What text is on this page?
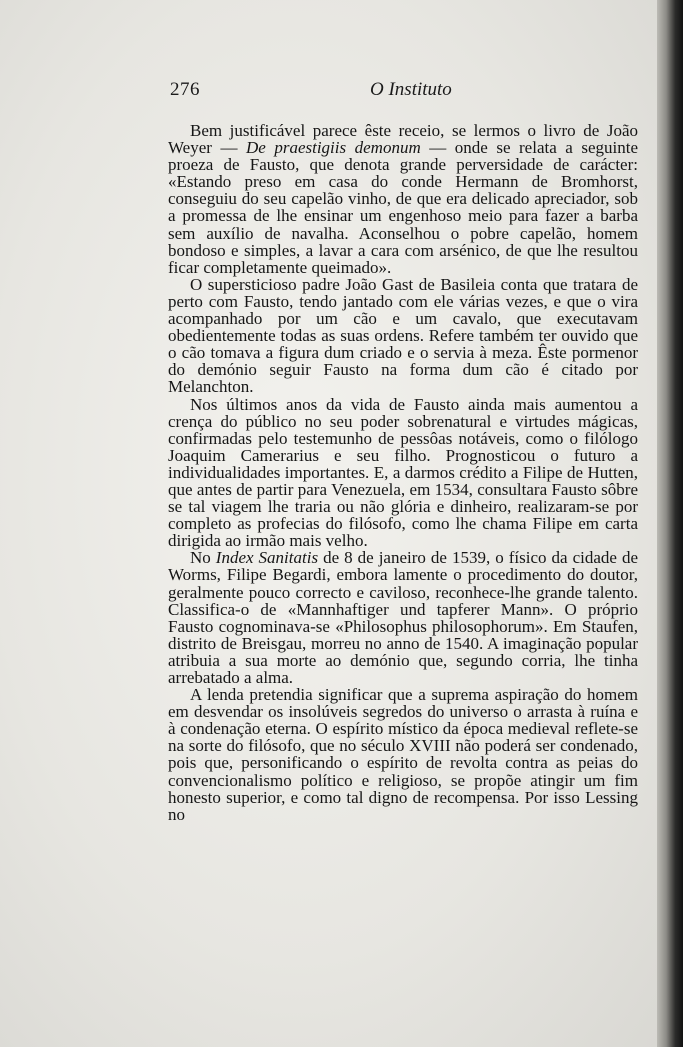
276	O Instituto

Bem justificável parece êste receio, se lermos o livro de João Weyer — De praestigiis demonum — onde se relata a seguinte proeza de Fausto, que denota grande perversidade de carácter: «Estando preso em casa do conde Hermann de Bromhorst, conseguiu do seu capelão vinho, de que era delicado apreciador, sob a promessa de lhe ensinar um engenhoso meio para fazer a barba sem auxílio de navalha. Aconselhou o pobre capelão, homem bondoso e simples, a lavar a cara com arsénico, de que lhe resultou ficar completamente queimado».

O supersticioso padre João Gast de Basileia conta que tratara de perto com Fausto, tendo jantado com ele várias vezes, e que o vira acompanhado por um cão e um cavalo, que executavam obedientemente todas as suas ordens. Refere também ter ouvido que o cão tomava a figura dum criado e o servia à meza. Êste pormenor do demónio seguir Fausto na forma dum cão é citado por Melanchton.

Nos últimos anos da vida de Fausto ainda mais aumentou a crença do público no seu poder sobrenatural e virtudes mágicas, confirmadas pelo testemunho de pessôas notáveis, como o filólogo Joaquim Camerarius e seu filho. Prognosticou o futuro a individualidades importantes. E, a darmos crédito a Filipe de Hutten, que antes de partir para Venezuela, em 1534, consultara Fausto sôbre se tal viagem lhe traria ou não glória e dinheiro, realizaram-se por completo as profecias do filósofo, como lhe chama Filipe em carta dirigida ao irmão mais velho.

No Index Sanitatis de 8 de janeiro de 1539, o físico da cidade de Worms, Filipe Begardi, embora lamente o procedimento do doutor, geralmente pouco correcto e caviloso, reconhece-lhe grande talento. Classifica-o de «Mannhaftiger und tapferer Mann». O próprio Fausto cognominava-se «Philosophus philosophorum». Em Staufen, distrito de Breisgau, morreu no anno de 1540. A imaginação popular atribuia a sua morte ao demónio que, segundo corria, lhe tinha arrebatado a alma.

A lenda pretendia significar que a suprema aspiração do homem em desvendar os insolúveis segredos do universo o arrasta à ruína e à condenação eterna. O espírito místico da época medieval reflete-se na sorte do filósofo, que no século XVIII não poderá ser condenado, pois que, personificando o espírito de revolta contra as peias do convencionalismo político e religioso, se propõe atingir um fim honesto superior, e como tal digno de recompensa. Por isso Lessing no
